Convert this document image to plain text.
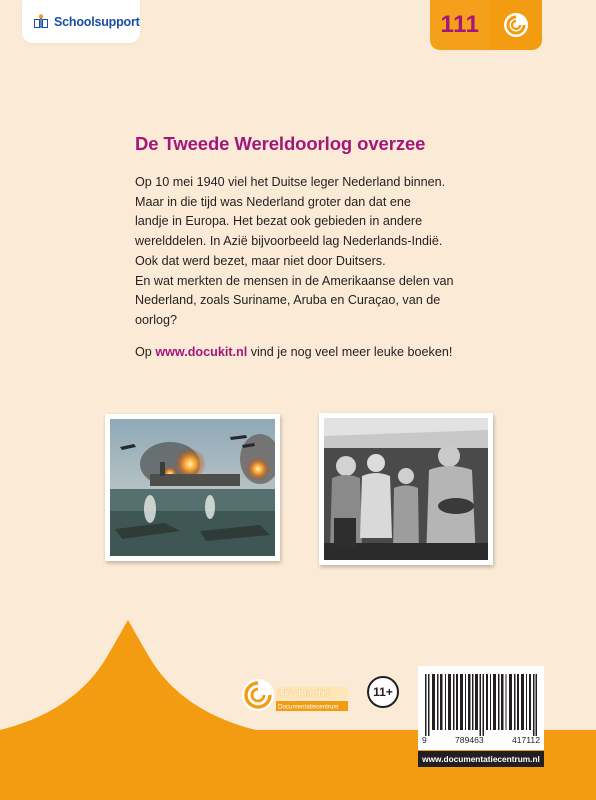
Schoolsupport	111
De Tweede Wereldoorlog overzee
Op 10 mei 1940 viel het Duitse leger Nederland binnen.
Maar in die tijd was Nederland groter dan dat ene
landje in Europa. Het bezat ook gebieden in andere
werelddelen. In Azië bijvoorbeeld lag Nederlands-Indië.
Ook dat werd bezet, maar niet door Duitsers.
En wat merkten de mensen in de Amerikaanse delen van
Nederland, zoals Suriname, Aruba en Curaçao, van de
oorlog?
Op www.docukit.nl vind je nog veel meer leuke boeken!
INFORMATIE
Documentatiecentrum
11+
9	789463	417112
www.documentatiecentrum.nl
